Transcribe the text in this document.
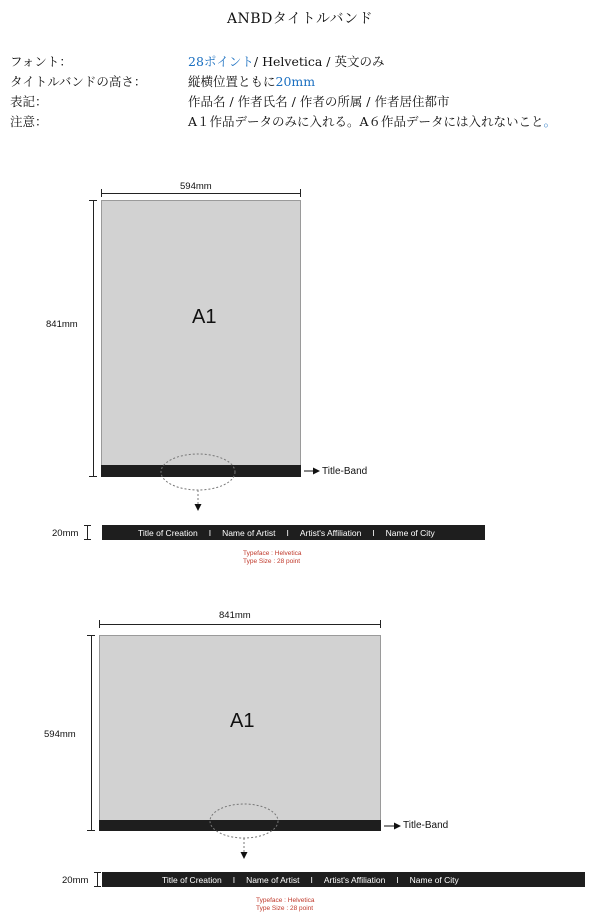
ANBDタイトルバンド
フォント：	28ポイント/ Helvetica / 英文のみ
タイトルバンドの高さ：	縦横位置ともに20mm
表記：	作品名 / 作者氏名 / 作者の所属 / 作者居住都市
注意：	A１作品データのみに入れる。A６作品データには入れないこと。
594mm
841mm	A1
Title-Band
20mm	Title of Creation I Name of Artist I Artist's Affiliation I Name of City
Typeface : Helvetica
Type Size : 28 point
841mm
594mm
A1
Title-Band
20mm	Title of Creation I Name of Artist I Artist's Affiliation I Name of City
Typeface : Helvetica
Type Size : 28 point
